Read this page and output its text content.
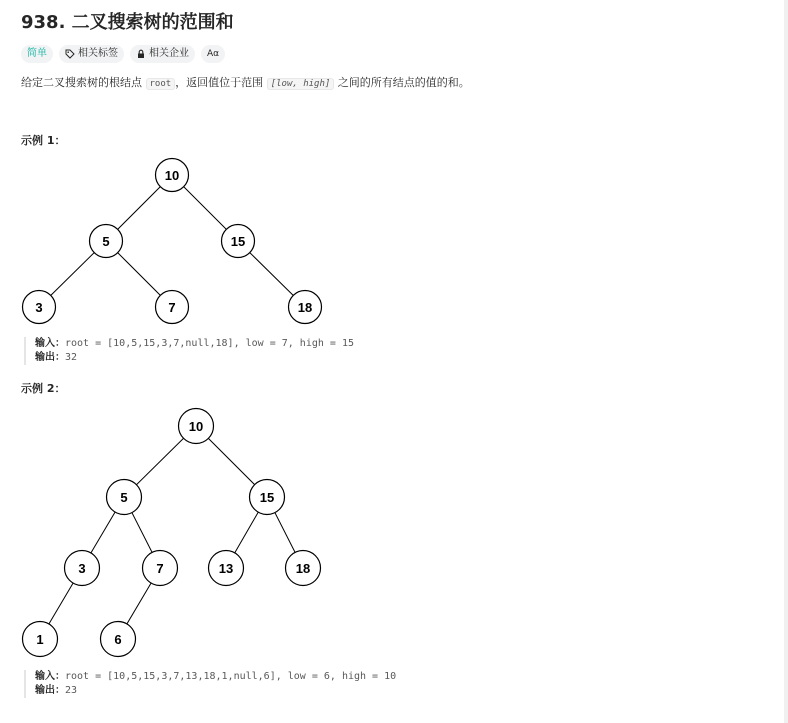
938. 二叉搜索树的范围和
简单	相关标签	相关企业 Aα
给定二叉搜索树的根结点 root ，返回值位于范围 [low, high] 之间的所有结点的值的和。
示例 1：
10
5	15
3	7	18
输入：root = [10,5,15,3,7,null,18], low = 7, high = 15
输出：32
示例 2：
10
5	15
3	7	13	18
1	6
输入：root = [10,5,15,3,7,13,18,1,null,6], low = 6, high = 10
输出：23
